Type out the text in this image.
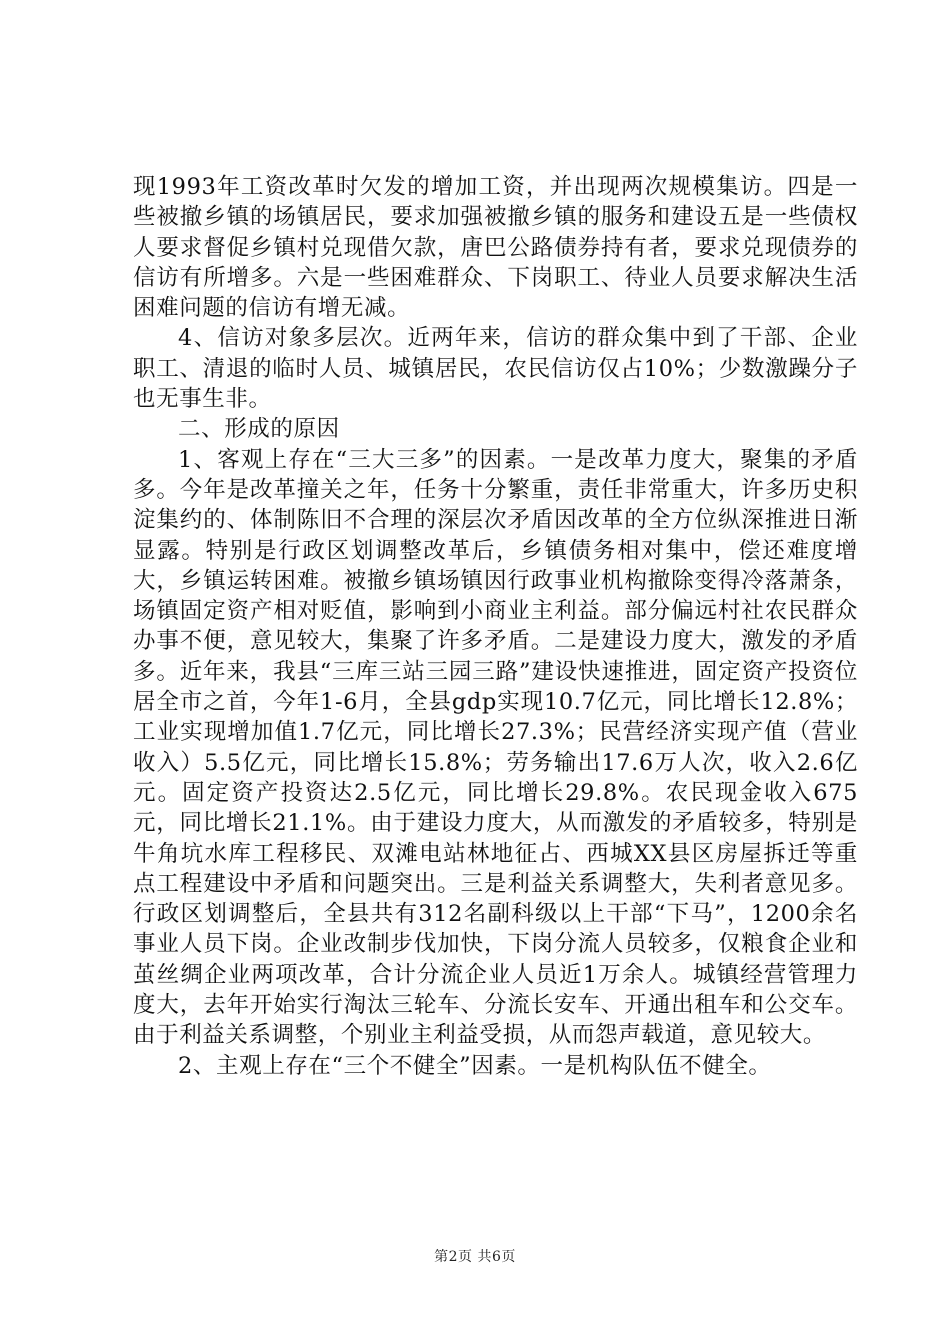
现1993年工资改革时欠发的增加工资，并出现两次规模集访。四是一些被撤乡镇的场镇居民，要求加强被撤乡镇的服务和建设五是一些债权人要求督促乡镇村兑现借欠款，唐巴公路债券持有者，要求兑现债券的信访有所增多。六是一些困难群众、下岗职工、待业人员要求解决生活困难问题的信访有增无减。

4、信访对象多层次。近两年来，信访的群众集中到了干部、企业职工、清退的临时人员、城镇居民，农民信访仅占10%；少数激躁分子也无事生非。

二、形成的原因

1、客观上存在“三大三多”的因素。一是改革力度大，聚集的矛盾多。今年是改革撞关之年，任务十分繁重，责任非常重大，许多历史积淀集约的、体制陈旧不合理的深层次矛盾因改革的全方位纵深推进日渐显露。特别是行政区划调整改革后，乡镇债务相对集中，偿还难度增大，乡镇运转困难。被撤乡镇场镇因行政事业机构撤除变得冷落萧条，场镇固定资产相对贬值，影响到小商业主利益。部分偏远村社农民群众办事不便，意见较大，集聚了许多矛盾。二是建设力度大，激发的矛盾多。近年来，我县“三库三站三园三路”建设快速推进，固定资产投资位居全市之首，今年1-6月，全县gdp实现10.7亿元，同比增长12.8%；工业实现增加值1.7亿元，同比增长27.3%；民营经济实现产值（营业收入）5.5亿元，同比增长15.8%；劳务输出17.6万人次，收入2.6亿元。固定资产投资达2.5亿元，同比增长29.8%。农民现金收入675元，同比增长21.1%。由于建设力度大，从而激发的矛盾较多，特别是牛角坑水库工程移民、双滩电站林地征占、西城XX县区房屋拆迁等重点工程建设中矛盾和问题突出。三是利益关系调整大，失利者意见多。行政区划调整后，全县共有312名副科级以上干部“下马”，1200余名事业人员下岗。企业改制步伐加快，下岗分流人员较多，仅粮食企业和茧丝绸企业两项改革，合计分流企业人员近1万余人。城镇经营管理力度大，去年开始实行淘汰三轮车、分流长安车、开通出租车和公交车。由于利益关系调整，个别业主利益受损，从而怨声载道，意见较大。

2、主观上存在“三个不健全”因素。一是机构队伍不健全。

第2页 共6页
